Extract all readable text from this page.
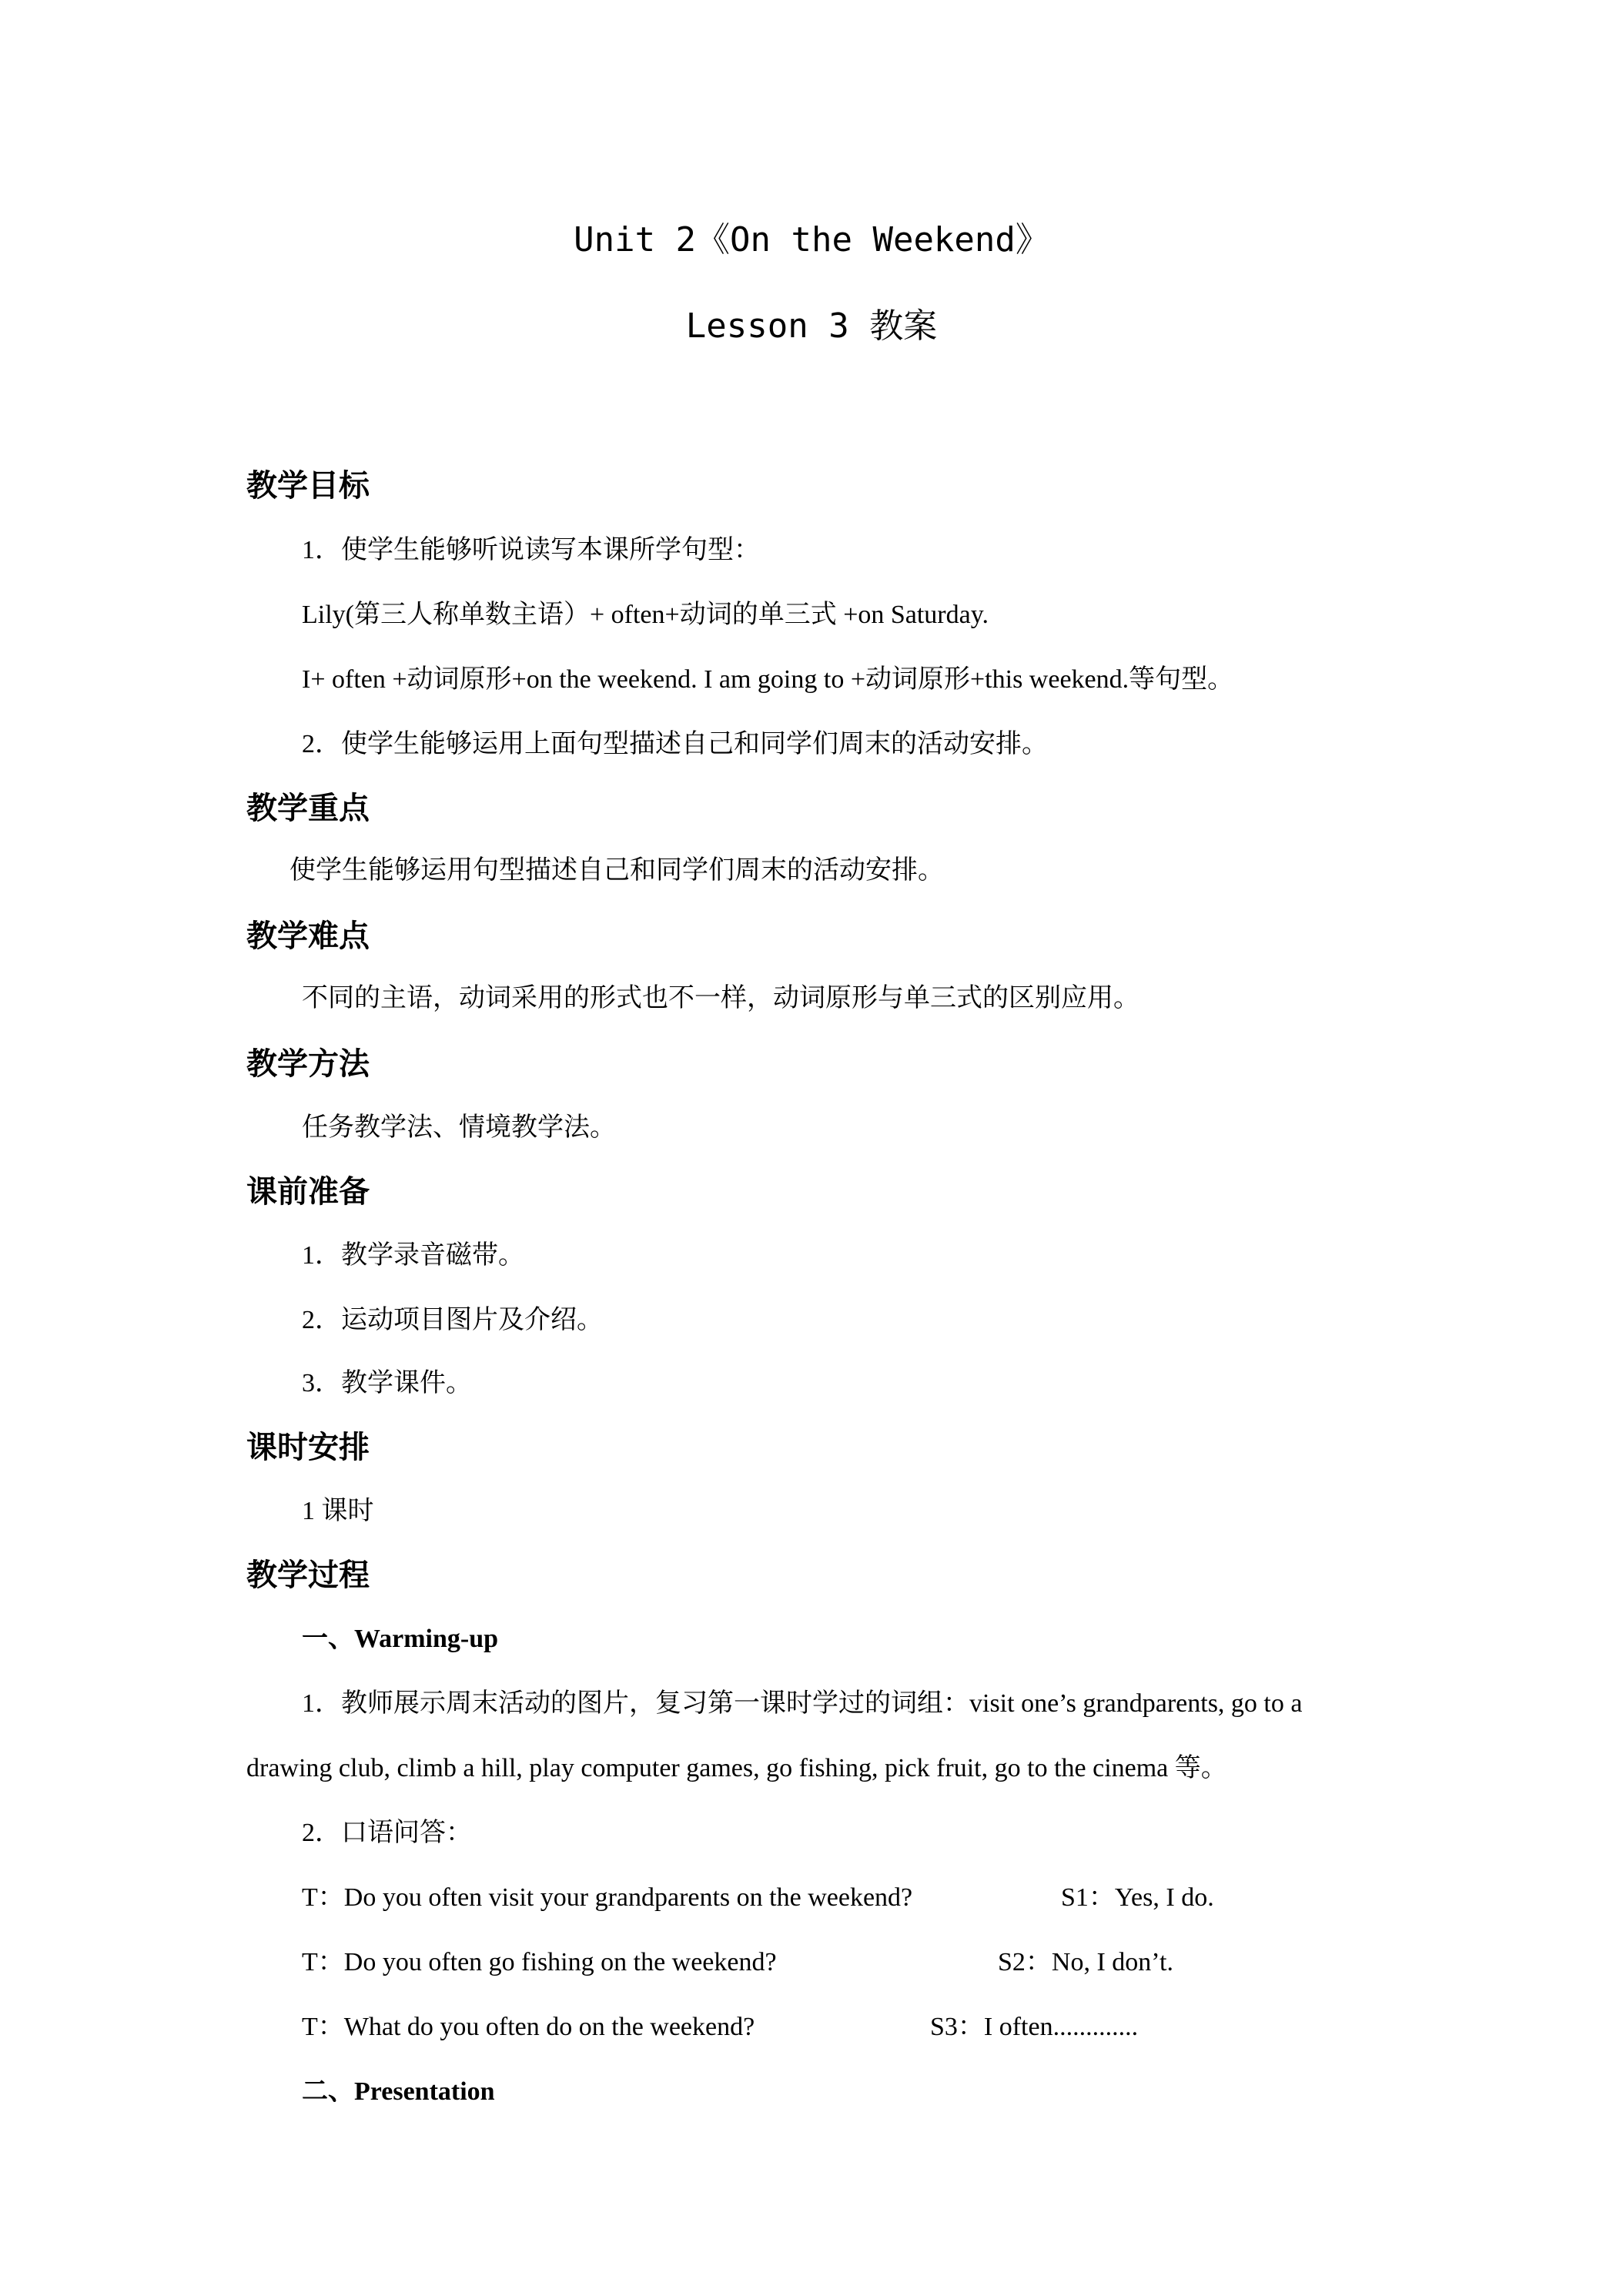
Unit 2《On the Weekend》
Lesson 3 教案
教学目标
1．使学生能够听说读写本课所学句型：
Lily(第三人称单数主语）+ often+动词的单三式 +on Saturday.
I+ often +动词原形+on the weekend. I am going to +动词原形+this weekend.等句型。
2．使学生能够运用上面句型描述自己和同学们周末的活动安排。
教学重点
使学生能够运用句型描述自己和同学们周末的活动安排。
教学难点
不同的主语，动词采用的形式也不一样，动词原形与单三式的区别应用。
教学方法
任务教学法、情境教学法。
课前准备
1．教学录音磁带。
2．运动项目图片及介绍。
3．教学课件。
课时安排
1 课时
教学过程
一、Warming-up
1．教师展示周末活动的图片，复习第一课时学过的词组：visit one’s grandparents, go to a
drawing club, climb a hill, play computer games, go fishing, pick fruit, go to the cinema 等。
2．口语问答：
T：Do you often visit your grandparents on the weekend?	S1：Yes, I do.
T：Do you often go fishing on the weekend?	S2：No, I don’t.
T：What do you often do on the weekend?	S3：I often.............
二、Presentation
